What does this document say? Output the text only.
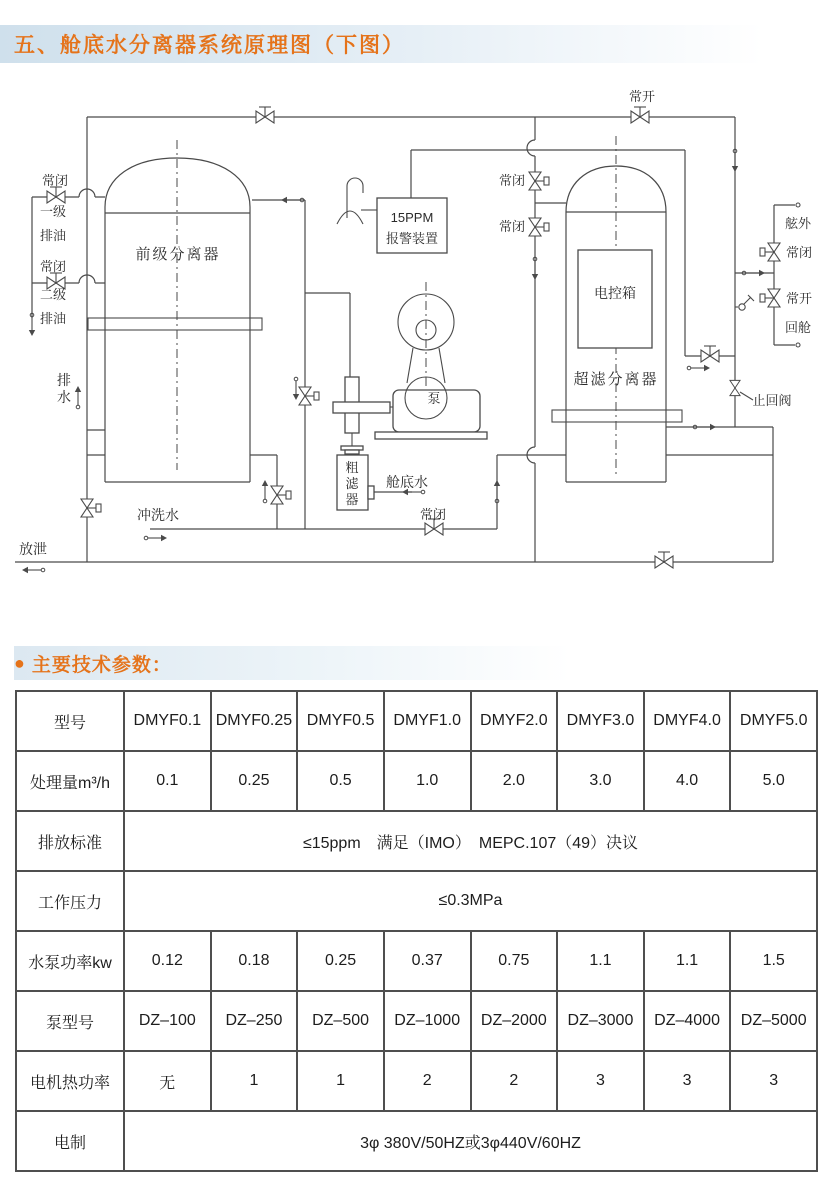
五、舱底水分离器系统原理图（下图）
常开
常闭
一级
排油
常闭
二级
排油
前级分离器
排水
15PPM
报警装置
常闭
常闭
电控箱
超滤分离器
泵
粗滤器
舱底水
常闭
冲洗水
放泄
舷外
常闭
常开
回舱
止回阀
● 主要技术参数：
型号	DMYF0.1	DMYF0.25	DMYF0.5	DMYF1.0	DMYF2.0	DMYF3.0	DMYF4.0	DMYF5.0
处理量m³/h	0.1	0.25	0.5	1.0	2.0	3.0	4.0	5.0
排放标准	≤15ppm　满足（IMO）　MEPC.107（49）决议							
工作压力	≤0.3MPa							
水泵功率kw	0.12	0.18	0.25	0.37	0.75	1.1	1.1	1.5
泵型号	DZ–100	DZ–250	DZ–500	DZ–1000	DZ–2000	DZ–3000	DZ–4000	DZ–5000
电机热功率	无	1	1	2	2	3	3	3
电制	3φ 380V/50HZ或3φ440V/60HZ							
